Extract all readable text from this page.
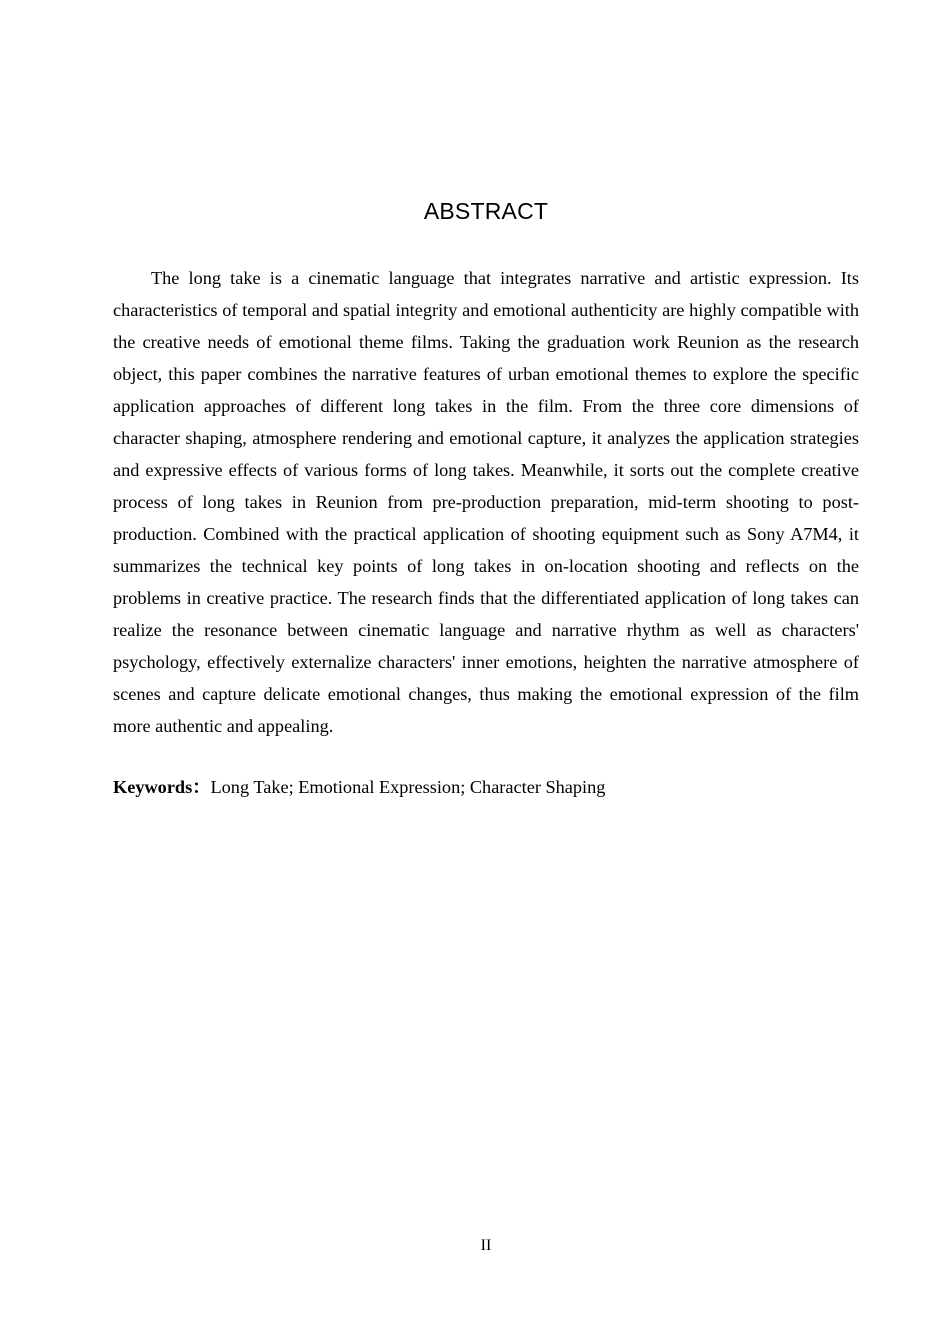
ABSTRACT
The long take is a cinematic language that integrates narrative and artistic expression. Its characteristics of temporal and spatial integrity and emotional authenticity are highly compatible with the creative needs of emotional theme films. Taking the graduation work Reunion as the research object, this paper combines the narrative features of urban emotional themes to explore the specific application approaches of different long takes in the film. From the three core dimensions of character shaping, atmosphere rendering and emotional capture, it analyzes the application strategies and expressive effects of various forms of long takes. Meanwhile, it sorts out the complete creative process of long takes in Reunion from pre-production preparation, mid-term shooting to post-production. Combined with the practical application of shooting equipment such as Sony A7M4, it summarizes the technical key points of long takes in on-location shooting and reflects on the problems in creative practice. The research finds that the differentiated application of long takes can realize the resonance between cinematic language and narrative rhythm as well as characters' psychology, effectively externalize characters' inner emotions, heighten the narrative atmosphere of scenes and capture delicate emotional changes, thus making the emotional expression of the film more authentic and appealing.
Keywords：Long Take; Emotional Expression; Character Shaping
II
